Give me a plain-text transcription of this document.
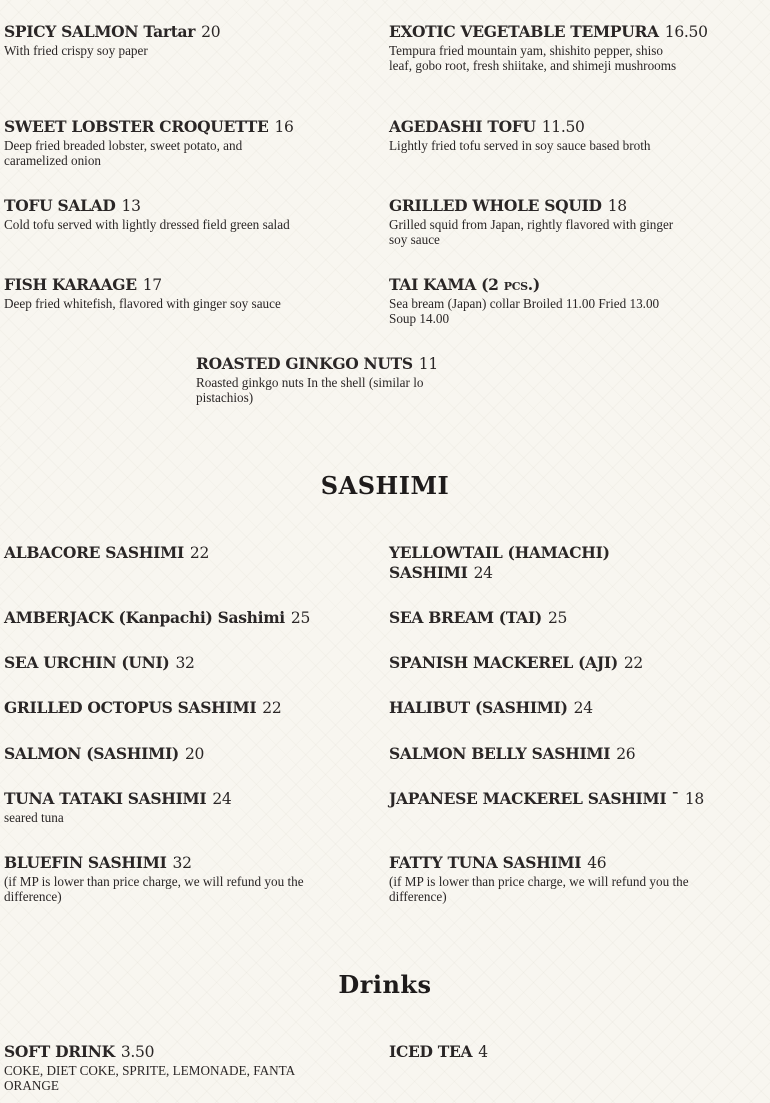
SPICY SALMON Tartar 20
With fried crispy soy paper
EXOTIC VEGETABLE TEMPURA 16.50
Tempura fried mountain yam, shishito pepper, shiso leaf, gobo root, fresh shiitake, and shimeji mushrooms
SWEET LOBSTER CROQUETTE 16
Deep fried breaded lobster, sweet potato, and caramelized onion
AGEDASHI TOFU 11.50
Lightly fried tofu served in soy sauce based broth
TOFU SALAD 13
Cold tofu served with lightly dressed field green salad
GRILLED WHOLE SQUID 18
Grilled squid from Japan, rightly flavored with ginger soy sauce
FISH KARAAGE 17
Deep fried whitefish, flavored with ginger soy sauce
TAI KAMA (2 pcs.)
Sea bream (Japan) collar Broiled 11.00 Fried 13.00 Soup 14.00
ROASTED GINKGO NUTS 11
Roasted ginkgo nuts In the shell (similar lo pistachios)
SASHIMI
ALBACORE SASHIMI 22	YELLOWTAIL (HAMACHI) SASHIMI 24
AMBERJACK (Kanpachi) Sashimi 25	SEA BREAM (TAI) 25
SEA URCHIN (UNI) 32	SPANISH MACKEREL (AJI) 22
GRILLED OCTOPUS SASHIMI 22	HALIBUT (SASHIMI) 24
SALMON (SASHIMI) 20	SALMON BELLY SASHIMI 26
TUNA TATAKI SASHIMI 24
seared tuna
JAPANESE MACKEREL SASHIMI ¯ 18
BLUEFIN SASHIMI 32
(if MP is lower than price charge, we will refund you the difference)
FATTY TUNA SASHIMI 46
(if MP is lower than price charge, we will refund you the difference)
Drinks
SOFT DRINK 3.50
COKE, DIET COKE, SPRITE, LEMONADE, FANTA ORANGE
ICED TEA 4
